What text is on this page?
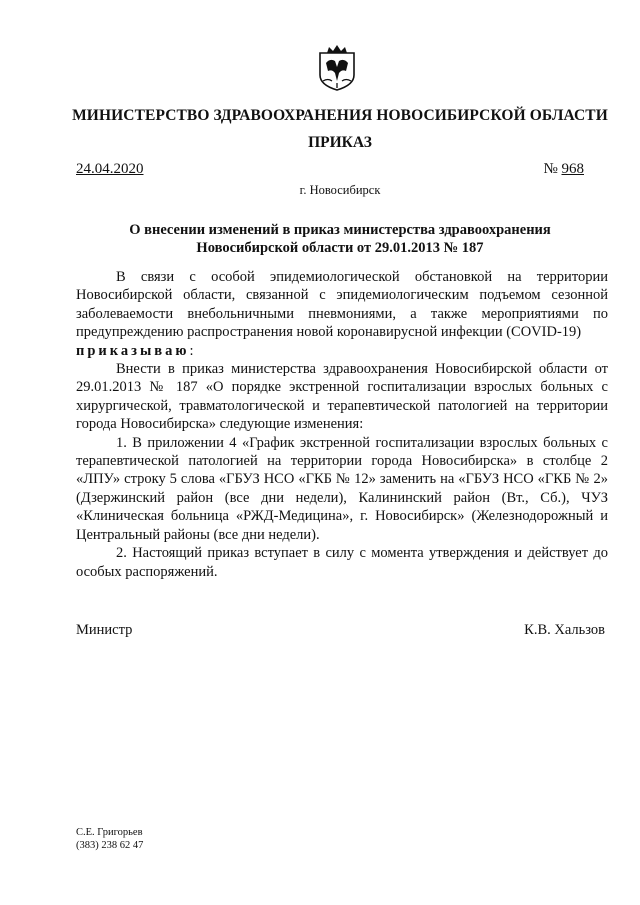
МИНИСТЕРСТВО ЗДРАВООХРАНЕНИЯ НОВОСИБИРСКОЙ ОБЛАСТИ
ПРИКАЗ
24.04.2020	№ 968
г. Новосибирск
О внесении изменений в приказ министерства здравоохранения
Новосибирской области от 29.01.2013 № 187

В связи с особой эпидемиологической обстановкой на территории Новосибирской области, связанной с эпидемиологическим подъемом сезонной заболеваемости внебольничными пневмониями, а также мероприятиями по предупреждению распространения новой коронавирусной инфекции (COVID-19)

приказываю:

Внести в приказ министерства здравоохранения Новосибирской области от 29.01.2013 № 187 «О порядке экстренной госпитализации взрослых больных с хирургической, травматологической и терапевтической патологией на территории города Новосибирска» следующие изменения:

1. В приложении 4 «График экстренной госпитализации взрослых больных с терапевтической патологией на территории города Новосибирска» в столбце 2 «ЛПУ» строку 5 слова «ГБУЗ НСО «ГКБ № 12» заменить на «ГБУЗ НСО «ГКБ № 2» (Дзержинский район (все дни недели), Калининский район (Вт., Сб.), ЧУЗ «Клиническая больница «РЖД-Медицина», г. Новосибирск» (Железнодорожный и Центральный районы (все дни недели).

2. Настоящий приказ вступает в силу с момента утверждения и действует до особых распоряжений.

Министр	К.В. Хальзов
С.Е. Григорьев
(383) 238 62 47
